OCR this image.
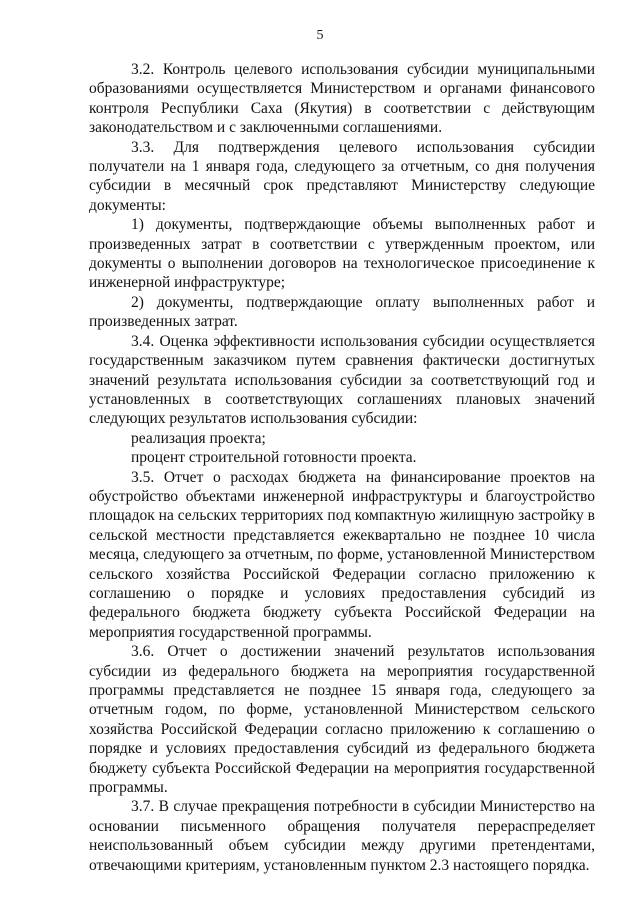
5

3.2. Контроль целевого использования субсидии муниципальными образованиями осуществляется Министерством и органами финансового контроля Республики Саха (Якутия) в соответствии с действующим законодательством и с заключенными соглашениями.

3.3. Для подтверждения целевого использования субсидии получатели на 1 января года, следующего за отчетным, со дня получения субсидии в месячный срок представляют Министерству следующие документы:

1) документы, подтверждающие объемы выполненных работ и произведенных затрат в соответствии с утвержденным проектом, или документы о выполнении договоров на технологическое присоединение к инженерной инфраструктуре;

2) документы, подтверждающие оплату выполненных работ и произведенных затрат.

3.4. Оценка эффективности использования субсидии осуществляется государственным заказчиком путем сравнения фактически достигнутых значений результата использования субсидии за соответствующий год и установленных в соответствующих соглашениях плановых значений следующих результатов использования субсидии:

реализация проекта;

процент строительной готовности проекта.

3.5. Отчет о расходах бюджета на финансирование проектов на обустройство объектами инженерной инфраструктуры и благоустройство площадок на сельских территориях под компактную жилищную застройку в сельской местности представляется ежеквартально не позднее 10 числа месяца, следующего за отчетным, по форме, установленной Министерством сельского хозяйства Российской Федерации согласно приложению к соглашению о порядке и условиях предоставления субсидий из федерального бюджета бюджету субъекта Российской Федерации на мероприятия государственной программы.

3.6. Отчет о достижении значений результатов использования субсидии из федерального бюджета на мероприятия государственной программы представляется не позднее 15 января года, следующего за отчетным годом, по форме, установленной Министерством сельского хозяйства Российской Федерации согласно приложению к соглашению о порядке и условиях предоставления субсидий из федерального бюджета бюджету субъекта Российской Федерации на мероприятия государственной программы.

3.7. В случае прекращения потребности в субсидии Министерство на основании письменного обращения получателя перераспределяет неиспользованный объем субсидии между другими претендентами, отвечающими критериям, установленным пунктом 2.3 настоящего порядка.
